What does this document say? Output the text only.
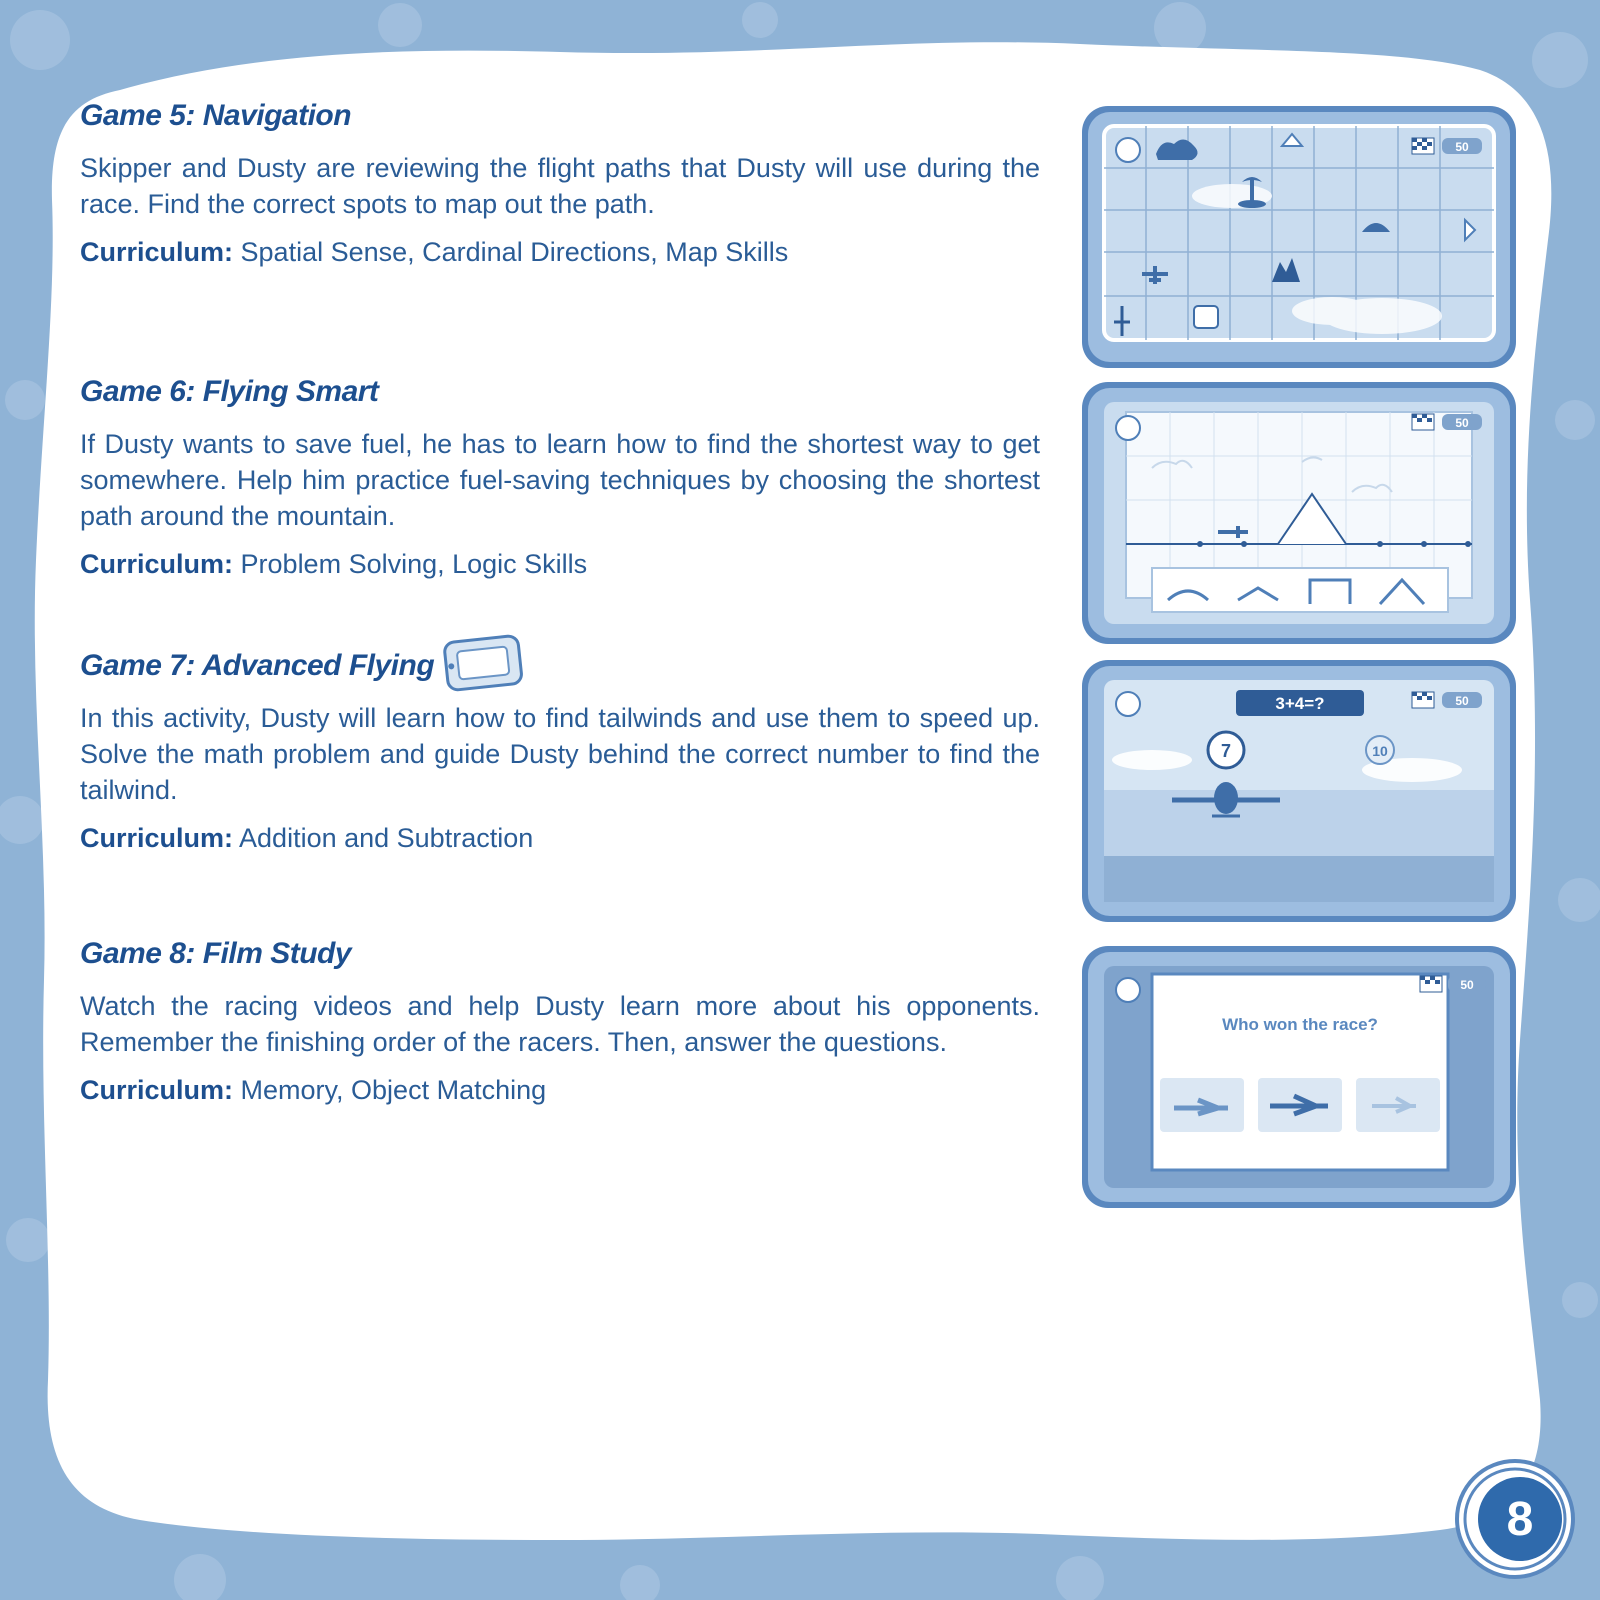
Game 5: Navigation

Skipper and Dusty are reviewing the flight paths that Dusty will use during the race. Find the correct spots to map out the path.

Curriculum: Spatial Sense, Cardinal Directions, Map Skills

Game 6: Flying Smart

If Dusty wants to save fuel, he has to learn how to find the shortest way to get somewhere. Help him practice fuel-saving techniques by choosing the shortest path around the mountain.

Curriculum: Problem Solving, Logic Skills

Game 7: Advanced Flying

In this activity, Dusty will learn how to find tailwinds and use them to speed up. Solve the math problem and guide Dusty behind the correct number to find the tailwind.

Curriculum: Addition and Subtraction

Game 8: Film Study

Watch the racing videos and help Dusty learn more about his opponents. Remember the finishing order of the racers. Then, answer the questions.

Curriculum: Memory, Object Matching

50
50
3+4=?
7	10
50
Who won the race?
50
8
